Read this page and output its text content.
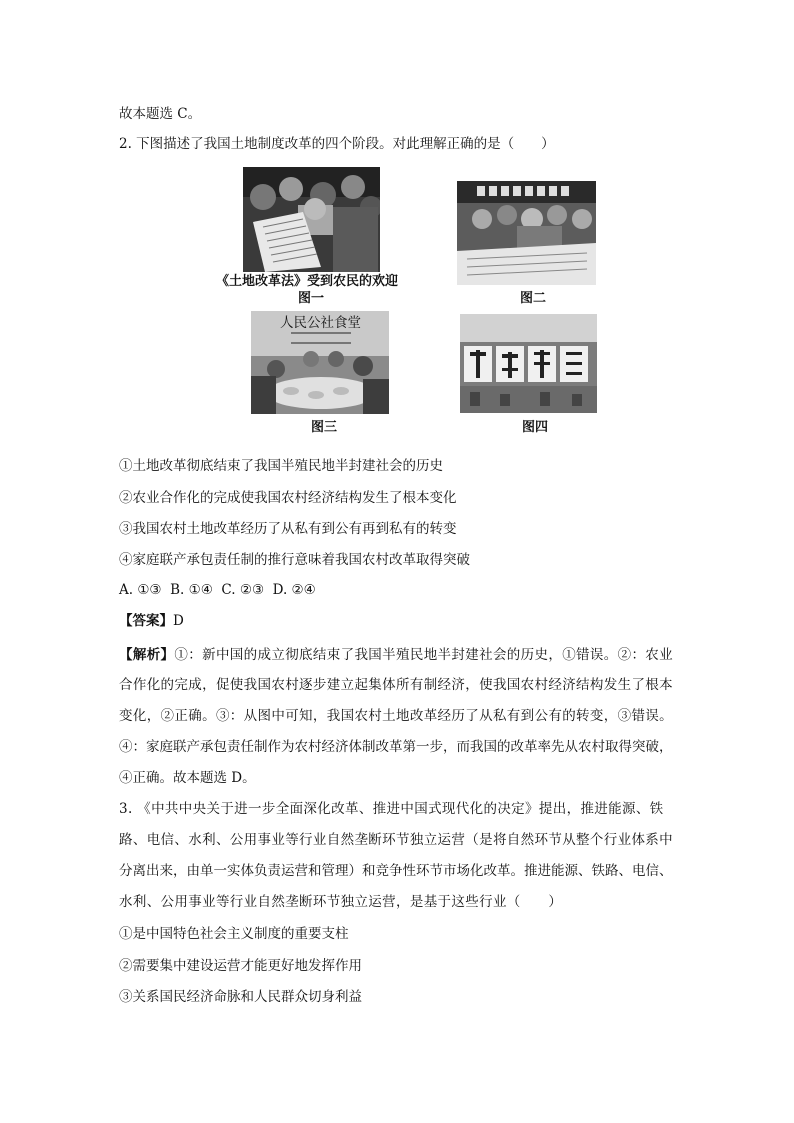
故本题选 C。
2. 下图描述了我国土地制度改革的四个阶段。对此理解正确的是（　　）
《土地改革法》受到农民的欢迎
图一	图二
人民公社食堂
图三	图四
①土地改革彻底结束了我国半殖民地半封建社会的历史
②农业合作化的完成使我国农村经济结构发生了根本变化
③我国农村土地改革经历了从私有到公有再到私有的转变
④家庭联产承包责任制的推行意味着我国农村改革取得突破
A. ①③  B. ①④  C. ②③  D. ②④
【答案】D
【解析】①：新中国的成立彻底结束了我国半殖民地半封建社会的历史，①错误。②：农业
合作化的完成，促使我国农村逐步建立起集体所有制经济，使我国农村经济结构发生了根本
变化，②正确。③：从图中可知，我国农村土地改革经历了从私有到公有的转变，③错误。
④：家庭联产承包责任制作为农村经济体制改革第一步，而我国的改革率先从农村取得突破，
④正确。故本题选 D。
3. 《中共中央关于进一步全面深化改革、推进中国式现代化的决定》提出，推进能源、铁
路、电信、水利、公用事业等行业自然垄断环节独立运营（是将自然环节从整个行业体系中
分离出来，由单一实体负责运营和管理）和竞争性环节市场化改革。推进能源、铁路、电信、
水利、公用事业等行业自然垄断环节独立运营，是基于这些行业（　　）
①是中国特色社会主义制度的重要支柱
②需要集中建设运营才能更好地发挥作用
③关系国民经济命脉和人民群众切身利益
